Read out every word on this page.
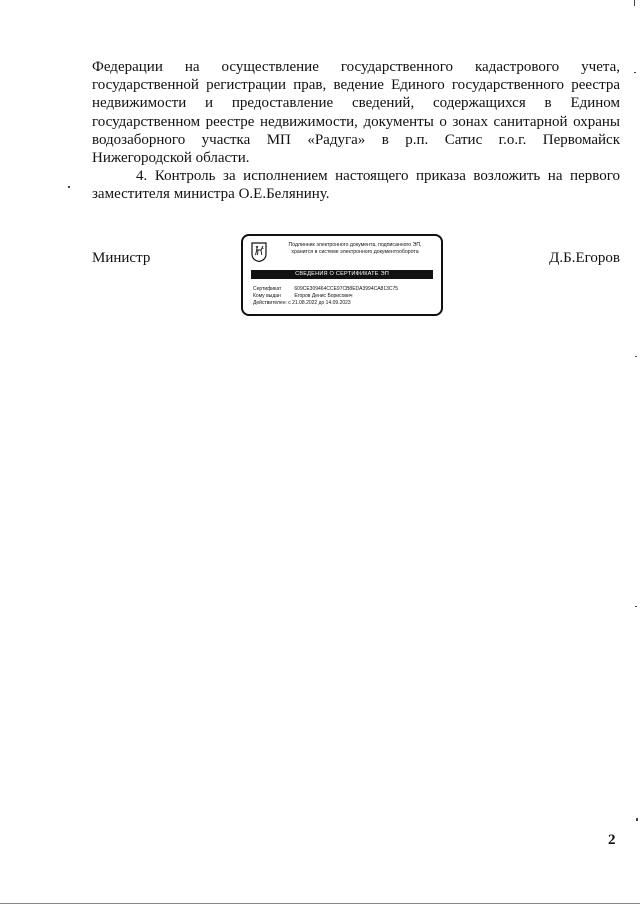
Федерации на осуществление государственного кадастрового учета, государственной регистрации прав, ведение Единого государственного реестра недвижимости и предоставление сведений, содержащихся в Едином государственном реестре недвижимости, документы о зонах санитарной охраны водозаборного участка МП «Радуга» в р.п. Сатис г.о.г. Первомайск Нижегородской области.

4. Контроль за исполнением настоящего приказа возложить на первого заместителя министра О.Е.Белянину.

Министр	Д.Б.Егоров
Подлинник электронного документа, подписанного ЭП,
хранится в системе электронного документооборота
СВЕДЕНИЯ О СЕРТИФИКАТЕ ЭП
Сертификат	609CE309464CCE97CB8EDA3994CA813C75
Кому выдан	Егоров Денис Борисович
Действителен: с 21.08.2022 до 14.09.2023
2
